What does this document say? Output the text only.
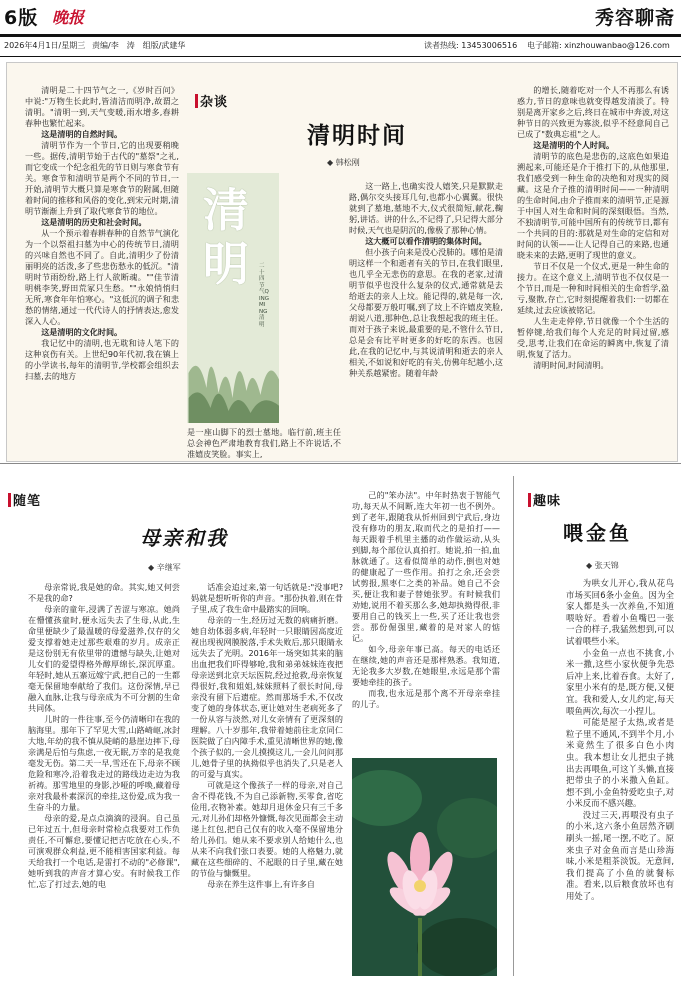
6版 晚报	秀容聊斋
2026年4月1日/星期三 责编/李　涛　组版/武建华	读者热线: 13453006516 电子邮箱: xinzhouwanbao@126.com

清明是二十四节气之一,《岁时百问》中说:"万物生长此时,皆清洁而明净,故谓之清明。"清明一到,天气变暖,雨水增多,春耕春种也繁忙起来。

这是清明的自然时间。

清明节作为一个节日,它的出现要稍晚一些。据传,清明节始于古代的"墓祭"之礼,而它变成一个纪念祖先的节日则与寒食节有关。寒食节和清明节是两个不同的节日,一开始,清明节大概只算是寒食节的附属,但随着时间的推移和风俗的变化,到宋元时期,清明节渐渐上升到了取代寒食节的地位。

这是清明的历史和社会时间。

从一个预示着春耕春种的自然节气演化为一个以祭祖扫墓为中心的传统节日,清明的兴味自然也不同了。自此,清明少了份清丽明亮的活泼,多了些悲伤愁永的低沉。"清明时节雨纷纷,路上行人欲断魂。""佳节清明桃李笑,野田荒冢只生愁。""永娘悄悄归无所,寒食年年怕寒心。"这低沉的调子和悲愁的情绪,通过一代代诗人的抒情表达,愈发深入人心。

这是清明的文化时间。

我记忆中的清明,也无耽和诗人笔下的这种哀伤有关。上世纪90年代初,我在镇上的小学读书,每年的清明节,学校都会组织去扫墓,去的地方

杂谈
清明时间
◆ 韩松刚
清明	二十四节气QINGMING清明
是一座山脚下的烈士墓地。临行前,班主任总会神色严肃地教育我们,路上不许说话,不准嬉皮笑脸。事实上,

这一路上,也确实没人嬉笑,只是默默走路,偶尔交头接耳几句,也都小心翼翼。很快就到了墓地,墓地不大,仪式很简短,献花,鞠躬,讲话。讲的什么,不记得了,只记得大部分时候,天气也是阴沉的,像极了那种心情。

这大概可以看作清明的集体时间。

但小孩子向来是没心没肺的。哪怕是清明这样一个和逝者有关的节日,在我们眼里,也几乎全无悲伤的意思。在我的老家,过清明节似乎也没什么复杂的仪式,通常就是去给逝去的亲人上坟。能记得的,就是每一次,父母都要万般叮嘱,到了坟上不许嬉皮笑脸,胡说八道,那种色,总让我想起我的班主任。而对于孩子来说,最重要的是,不管什么节日,总是会有比平时更多的好吃的东西。也因此,在我的记忆中,与其说清明和逝去的亲人相关,不如说和好吃的有关,仿佛年纪越小,这种关系越紧密。随着年龄

的增长,随着吃对一个人不再那么有诱惑力,节日的意味也就变得越发清淡了。特别是离开家乡之后,终日在城市中奔波,对这种节日的兴致更为寡淡,似乎不经意间自己已成了"数典忘祖"之人。

这是清明的个人时间。

清明节的底色是悲伤的,这底色如果追溯起来,可能还是介于推打下的,从他那里,我们感受到一种生命的决绝和对现实的阅藏。这是介子推的清明时间——一种清明的生命时间,由介子推而来的清明节,正是源于中国人对生命和时间的深刻眼悟。当然,不独清明节,可能中国所有的传统节日,都有一个共同的目的:那就是对生命的定信和对时间的认领——让人记得自己的来路,也通晓未来的去路,更明了现世的意义。

节日不仅是一个仪式,更是一种生命的接力。在这个意义上,清明节也不仅仅是一个节日,而是一种和时间相关的生命哲学,盈亏,聚散,存亡,它时刻提醒着我们:一切都在延续,过去应该被铭记。

人生走走停停,节日就像一个个生活的暂停键,给我们每个人充足的时间过留,感受,思考,让我们在命运的瞬离中,恢复了清明,恢复了活力。

清明时间,时间清明。

随笔
母亲和我
◆ 辛继军

母亲常说,我是她的命。其实,她又何尝不是我的命?

母亲的童年,浸满了苦涩与寒凉。她尚在懵懂孩童时,便永远失去了生母,从此,生命里便缺少了最温暖的母爱滋养,仅存的父爱支撑着她走过那些艰难的岁月。成亲正是这份别无有依里带的遗憾与缺失,让她对儿女们的爱望得格外醇厚绵长,深沉厚重。年轻时,她从五寨远嫁宁武,把自己的一生都毫无保留地奉献给了我们。这份深情,早已融入血脉,让我与母亲成为不可分割的生命共同体。

儿时的一件往事,至今仍清晰印在我的脑海里。那年下了罕见大雪,山路崎岖,冰封大地,年幼的我不慎从陡峭的悬崖边摔下,母亲满是后怕与焦虑,一夜无眠,万幸的是我竟毫发无伤。第二天一早,雪还在下,母亲不顾危险和寒冷,沿着我走过的路线边走边为我祈祷。那雪地里的身影,沙哑的呼唤,藏着母亲对我最朴素深沉的牵挂,这份爱,成为我一生奋斗的力量。

母亲的爱,是点点滴滴的浸润。自己虽已年过五十,但母亲时常检点我要对工作负责任,不可懈怠,要懂记把吉吃放在心头,不可演观群众利益,更不能相害国家利益。每天给我打一个电话,是雷打不动的"必修课",她听到我的声音才算心安。有时候我工作忙,忘了打过去,她的电

话准会追过来,第一句话就是:"没事吧?妈就是想听听你的声音。"那份执着,则在骨子里,成了我生命中最踏实的回响。

母亲的一生,经历过无数的病痛折磨。她自幼体弱多病,年轻时一只眼睛因高度近视出现视网膜脱落,手术失败后,那只眼睛永远失去了光明。2016年一场突如其来的脑出血把我们吓得够呛,我和弟弟妹妹连夜把母亲送到北京天坛医院,经过抢救,母亲恢复得很好,我和姐姐,妹妹照料了很长时间,母亲没有留下后遗症。然而那场手术,不仅改变了她的身体状态,更让她对生老病死多了一份从容与淡然,对儿女亲情有了更深刻的理解。八十岁那年,我带着她前往北京同仁医院做了白内障手术,重见清晰世界的她,像个孩子似的,一会儿摸摸这儿,一会儿问问那儿,她骨子里的执拗似乎也消失了,只是老人的可爱与真实。

可就是这个像孩子一样的母亲,对自己舍不得花钱,不为自己添新物,买零食,省吃俭用,衣物补素。她却月退休金只有三千多元,对儿孙们却格外慷慨,每次见面都会主动递上红包,把自己仅有的收入毫不保留地分给儿孙们。她从来不要求别人给她什么,也从来不向我们张口表要。她的人格魅力,就藏在这些细碎的、不起眼的日子里,藏在她的节俭与慷慨里。

母亲在养生这件事上,有许多自

己的"笨办法"。中年时热衷于智能气功,每天从不间断,连大年初一也不例外。到了老年,跟随我从忻州回到宁武后,身边没有修功的朋友,取而代之的是拍打——每天跟着手机里主播的动作做运动,从头到脚,每个部位认真拍打。她说,拍一拍,血脉就通了。这看似简单的动作,倒也对她的健康起了一些作用。拍打之余,还会尝试剪报,黑枣仁之类的补品。她自己不会买,便让我和妻子替她张罗。有时候我们劝她,说用不着买那么多,她却执拗得很,非要用自己的钱买上一些,买了还让我也尝尝。那份倔强里,藏着的是对家人的惦记。

如今,母亲年事已高。每天的电话还在继续,她的声音还是那样熟悉。我知道,无论我多大岁数,在她眼里,永远是那个需要她牵挂的孩子。

而我,也永远是那个离不开母亲牵挂的儿子。

趣味
喂金鱼
◆ 张天锦

为哄女儿开心,我从花鸟市场买回6条小金鱼。因为全家人都是头一次养鱼,不知道喂啥好。看着小鱼嘴巴一张一合的样子,我猛然想到,可以试着喂些小米。

小金鱼一点也不挑食,小米一撒,这些小家伙便争先恐后冲上来,比着吞食。太好了,家里小米有的是,既方便,又便宜。我和爱人,女儿约定,每天喂鱼两次,每次一小捏儿。

可能是屋子太热,或者是粒子里不通风,不到半个月,小米竟然生了很多白色小肉虫。我本想让女儿把虫子挑出去再喂鱼,可这丫头懒,直接把带虫子的小米撒入鱼缸。想不到,小金鱼特爱吃虫子,对小米反而不感兴趣。

没过三天,再喂没有虫子的小米,这六条小鱼居然齐刷刷头一摇,尾一摆,不吃了。原来虫子对金鱼而言是山珍海味,小米是粗茶淡饭。无意间,我们提高了小鱼的就餐标准。看来,以后粮食放坏也有用处了。
